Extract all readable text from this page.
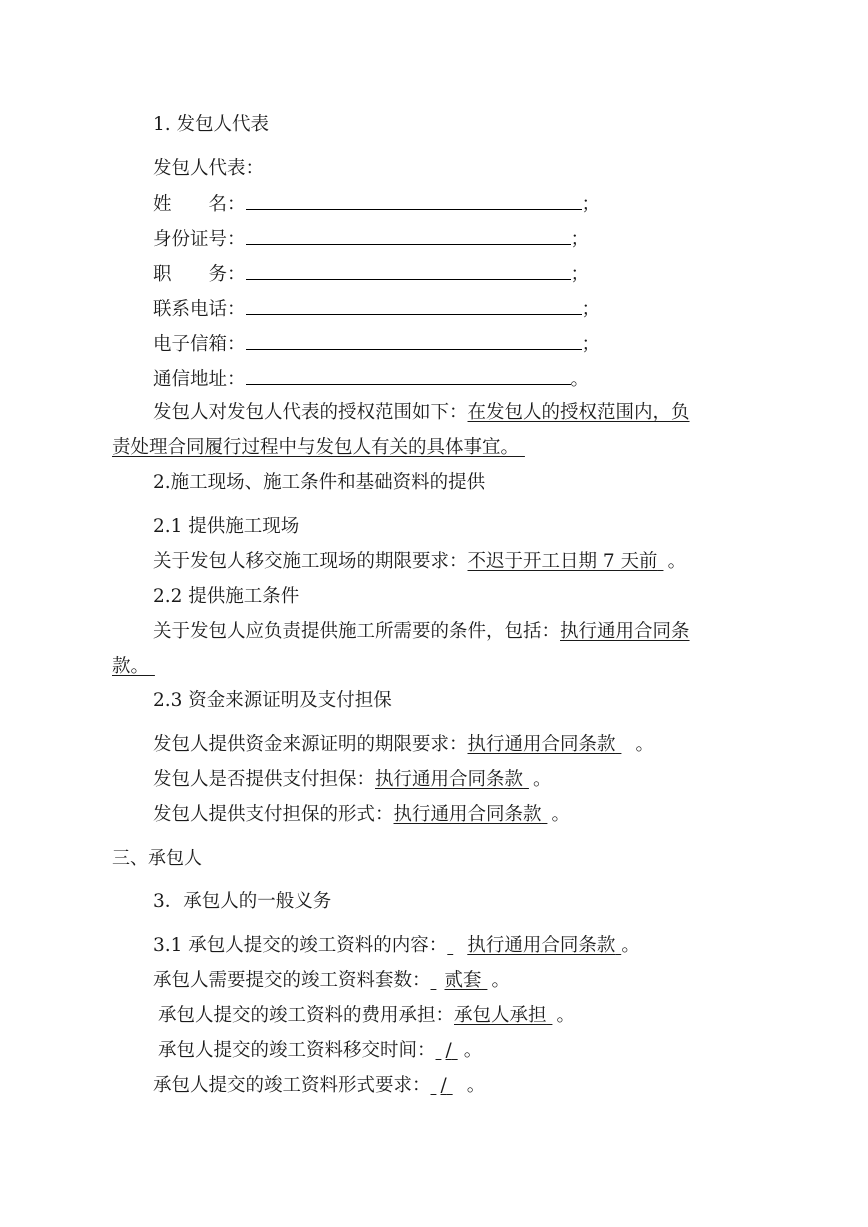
1. 发包人代表
发包人代表：
姓　　名：	；
身份证号：	；
职　　务：	；
联系电话：	；
电子信箱：	；
通信地址：	。
发包人对发包人代表的授权范围如下：在发包人的授权范围内，负
责处理合同履行过程中与发包人有关的具体事宜。
2.施工现场、施工条件和基础资料的提供
2.1 提供施工现场
关于发包人移交施工现场的期限要求：不迟于开工日期 7 天前 。
2.2 提供施工条件
关于发包人应负责提供施工所需要的条件，包括：执行通用合同条
款。
2.3 资金来源证明及支付担保
发包人提供资金来源证明的期限要求：执行通用合同条款 。
发包人是否提供支付担保：执行通用合同条款 。
发包人提供支付担保的形式：执行通用合同条款 。
三、承包人
3．承包人的一般义务
3.1 承包人提交的竣工资料的内容： 执行通用合同条款 。
承包人需要提交的竣工资料套数： 贰套 。
承包人提交的竣工资料的费用承担：承包人承担 。
承包人提交的竣工资料移交时间： / 。
承包人提交的竣工资料形式要求： / 。
